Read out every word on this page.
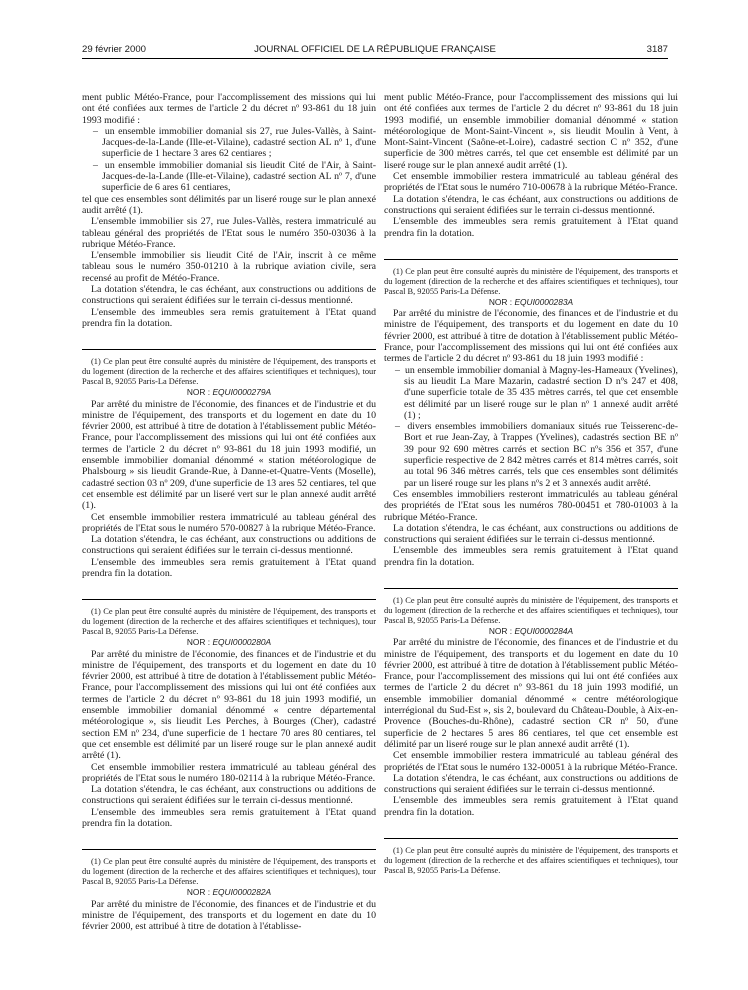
29 février 2000	JOURNAL OFFICIEL DE LA RÉPUBLIQUE FRANÇAISE	3187

ment public Météo-France, pour l'accomplissement des missions qui lui ont été confiées aux termes de l'article 2 du décret nº 93-861 du 18 juin 1993 modifié :

–  un ensemble immobilier domanial sis 27, rue Jules-Vallès, à Saint-Jacques-de-la-Lande (Ille-et-Vilaine), cadastré section AL nº 1, d'une superficie de 1 hectare 3 ares 62 centiares ;
–  un ensemble immobilier domanial sis lieudit Cité de l'Air, à Saint-Jacques-de-la-Lande (Ille-et-Vilaine), cadastré section AL nº 7, d'une superficie de 6 ares 61 centiares,

tel que ces ensembles sont délimités par un liseré rouge sur le plan annexé audit arrêté (1).

L'ensemble immobilier sis 27, rue Jules-Vallès, restera immatriculé au tableau général des propriétés de l'Etat sous le numéro 350-03036 à la rubrique Météo-France.

L'ensemble immobilier sis lieudit Cité de l'Air, inscrit à ce même tableau sous le numéro 350-01210 à la rubrique aviation civile, sera recensé au profit de Météo-France.

La dotation s'étendra, le cas échéant, aux constructions ou additions de constructions qui seraient édifiées sur le terrain ci-dessus mentionné.

L'ensemble des immeubles sera remis gratuitement à l'Etat quand prendra fin la dotation.

(1) Ce plan peut être consulté auprès du ministère de l'équipement, des transports et du logement (direction de la recherche et des affaires scientifiques et techniques), tour Pascal B, 92055 Paris-La Défense.

NOR : EQUI0000279A

Par arrêté du ministre de l'économie, des finances et de l'industrie et du ministre de l'équipement, des transports et du logement en date du 10 février 2000, est attribué à titre de dotation à l'établissement public Météo-France, pour l'accomplissement des missions qui lui ont été confiées aux termes de l'article 2 du décret nº 93-861 du 18 juin 1993 modifié, un ensemble immobilier domanial dénommé « station météorologique de Phalsbourg » sis lieudit Grande-Rue, à Danne-et-Quatre-Vents (Moselle), cadastré section 03 nº 209, d'une superficie de 13 ares 52 centiares, tel que cet ensemble est délimité par un liseré vert sur le plan annexé audit arrêté (1).

Cet ensemble immobilier restera immatriculé au tableau général des propriétés de l'Etat sous le numéro 570-00827 à la rubrique Météo-France.

La dotation s'étendra, le cas échéant, aux constructions ou additions de constructions qui seraient édifiées sur le terrain ci-dessus mentionné.

L'ensemble des immeubles sera remis gratuitement à l'Etat quand prendra fin la dotation.

(1) Ce plan peut être consulté auprès du ministère de l'équipement, des transports et du logement (direction de la recherche et des affaires scientifiques et techniques), tour Pascal B, 92055 Paris-La Défense.

NOR : EQUI0000280A

Par arrêté du ministre de l'économie, des finances et de l'industrie et du ministre de l'équipement, des transports et du logement en date du 10 février 2000, est attribué à titre de dotation à l'établissement public Météo-France, pour l'accomplissement des missions qui lui ont été confiées aux termes de l'article 2 du décret nº 93-861 du 18 juin 1993 modifié, un ensemble immobilier domanial dénommé « centre départemental météorologique », sis lieudit Les Perches, à Bourges (Cher), cadastré section EM nº 234, d'une superficie de 1 hectare 70 ares 80 centiares, tel que cet ensemble est délimité par un liseré rouge sur le plan annexé audit arrêté (1).

Cet ensemble immobilier restera immatriculé au tableau général des propriétés de l'Etat sous le numéro 180-02114 à la rubrique Météo-France.

La dotation s'étendra, le cas échéant, aux constructions ou additions de constructions qui seraient édifiées sur le terrain ci-dessus mentionné.

L'ensemble des immeubles sera remis gratuitement à l'Etat quand prendra fin la dotation.

(1) Ce plan peut être consulté auprès du ministère de l'équipement, des transports et du logement (direction de la recherche et des affaires scientifiques et techniques), tour Pascal B, 92055 Paris-La Défense.

NOR : EQUI0000282A

Par arrêté du ministre de l'économie, des finances et de l'industrie et du ministre de l'équipement, des transports et du logement en date du 10 février 2000, est attribué à titre de dotation à l'établisse-

ment public Météo-France, pour l'accomplissement des missions qui lui ont été confiées aux termes de l'article 2 du décret nº 93-861 du 18 juin 1993 modifié, un ensemble immobilier domanial dénommé « station météorologique de Mont-Saint-Vincent », sis lieudit Moulin à Vent, à Mont-Saint-Vincent (Saône-et-Loire), cadastré section C nº 352, d'une superficie de 300 mètres carrés, tel que cet ensemble est délimité par un liseré rouge sur le plan annexé audit arrêté (1).

Cet ensemble immobilier restera immatriculé au tableau général des propriétés de l'Etat sous le numéro 710-00678 à la rubrique Météo-France.

La dotation s'étendra, le cas échéant, aux constructions ou additions de constructions qui seraient édifiées sur le terrain ci-dessus mentionné.

L'ensemble des immeubles sera remis gratuitement à l'Etat quand prendra fin la dotation.

(1) Ce plan peut être consulté auprès du ministère de l'équipement, des transports et du logement (direction de la recherche et des affaires scientifiques et techniques), tour Pascal B, 92055 Paris-La Défense.

NOR : EQUI0000283A

Par arrêté du ministre de l'économie, des finances et de l'industrie et du ministre de l'équipement, des transports et du logement en date du 10 février 2000, est attribué à titre de dotation à l'établissement public Météo-France, pour l'accomplissement des missions qui lui ont été confiées aux termes de l'article 2 du décret nº 93-861 du 18 juin 1993 modifié :

–  un ensemble immobilier domanial à Magny-les-Hameaux (Yvelines), sis au lieudit La Mare Mazarin, cadastré section D nºs 247 et 408, d'une superficie totale de 35 435 mètres carrés, tel que cet ensemble est délimité par un liseré rouge sur le plan nº 1 annexé audit arrêté (1) ;
–  divers ensembles immobiliers domaniaux situés rue Teisserenc-de-Bort et rue Jean-Zay, à Trappes (Yvelines), cadastrés section BE nº 39 pour 92 690 mètres carrés et section BC nºs 356 et 357, d'une superficie respective de 2 842 mètres carrés et 814 mètres carrés, soit au total 96 346 mètres carrés, tels que ces ensembles sont délimités par un liseré rouge sur les plans nºs 2 et 3 annexés audit arrêté.

Ces ensembles immobiliers resteront immatriculés au tableau général des propriétés de l'Etat sous les numéros 780-00451 et 780-01003 à la rubrique Météo-France.

La dotation s'étendra, le cas échéant, aux constructions ou additions de constructions qui seraient édifiées sur le terrain ci-dessus mentionné.

L'ensemble des immeubles sera remis gratuitement à l'Etat quand prendra fin la dotation.

(1) Ce plan peut être consulté auprès du ministère de l'équipement, des transports et du logement (direction de la recherche et des affaires scientifiques et techniques), tour Pascal B, 92055 Paris-La Défense.

NOR : EQUI0000284A

Par arrêté du ministre de l'économie, des finances et de l'industrie et du ministre de l'équipement, des transports et du logement en date du 10 février 2000, est attribué à titre de dotation à l'établissement public Météo-France, pour l'accomplissement des missions qui lui ont été confiées aux termes de l'article 2 du décret nº 93-861 du 18 juin 1993 modifié, un ensemble immobilier domanial dénommé « centre météorologique interrégional du Sud-Est », sis 2, boulevard du Château-Double, à Aix-en-Provence (Bouches-du-Rhône), cadastré section CR nº 50, d'une superficie de 2 hectares 5 ares 86 centiares, tel que cet ensemble est délimité par un liseré rouge sur le plan annexé audit arrêté (1).

Cet ensemble immobilier restera immatriculé au tableau général des propriétés de l'Etat sous le numéro 132-00051 à la rubrique Météo-France.

La dotation s'étendra, le cas échéant, aux constructions ou additions de constructions qui seraient édifiées sur le terrain ci-dessus mentionné.

L'ensemble des immeubles sera remis gratuitement à l'Etat quand prendra fin la dotation.

(1) Ce plan peut être consulté auprès du ministère de l'équipement, des transports et du logement (direction de la recherche et des affaires scientifiques et techniques), tour Pascal B, 92055 Paris-La Défense.
